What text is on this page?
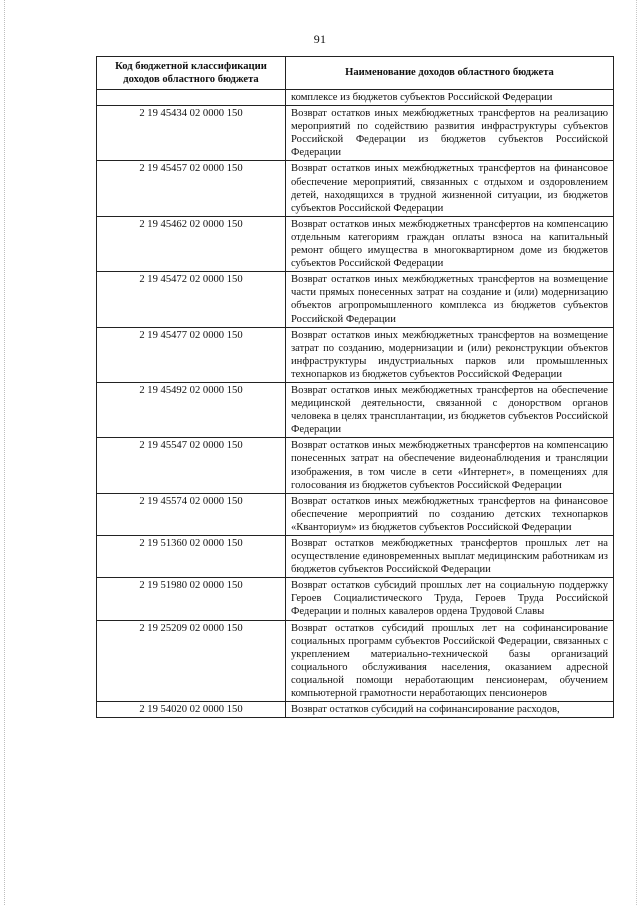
91
Код бюджетной классификации доходов областного бюджета	Наименование доходов областного бюджета
	комплексе из бюджетов субъектов Российской Федерации
2 19 45434 02 0000 150	Возврат остатков иных межбюджетных трансфертов на реализацию мероприятий по содействию развития инфраструктуры субъектов Российской Федерации из бюджетов субъектов Российской Федерации
2 19 45457 02 0000 150	Возврат остатков иных межбюджетных трансфертов на финансовое обеспечение мероприятий, связанных с отдыхом и оздоровлением детей, находящихся в трудной жизненной ситуации, из бюджетов субъектов Российской Федерации
2 19 45462 02 0000 150	Возврат остатков иных межбюджетных трансфертов на компенсацию отдельным категориям граждан оплаты взноса на капитальный ремонт общего имущества в многоквартирном доме из бюджетов субъектов Российской Федерации
2 19 45472 02 0000 150	Возврат остатков иных межбюджетных трансфертов на возмещение части прямых понесенных затрат на создание и (или) модернизацию объектов агропромышленного комплекса из бюджетов субъектов Российской Федерации
2 19 45477 02 0000 150	Возврат остатков иных межбюджетных трансфертов на возмещение затрат по созданию, модернизации и (или) реконструкции объектов инфраструктуры индустриальных парков или промышленных технопарков из бюджетов субъектов Российской Федерации
2 19 45492 02 0000 150	Возврат остатков иных межбюджетных трансфертов на обеспечение медицинской деятельности, связанной с донорством органов человека в целях трансплантации, из бюджетов субъектов Российской Федерации
2 19 45547 02 0000 150	Возврат остатков иных межбюджетных трансфертов на компенсацию понесенных затрат на обеспечение видеонаблюдения и трансляции изображения, в том числе в сети «Интернет», в помещениях для голосования из бюджетов субъектов Российской Федерации
2 19 45574 02 0000 150	Возврат остатков иных межбюджетных трансфертов на финансовое обеспечение мероприятий по созданию детских технопарков «Кванториум» из бюджетов субъектов Российской Федерации
2 19 51360 02 0000 150	Возврат остатков межбюджетных трансфертов прошлых лет на осуществление единовременных выплат медицинским работникам из бюджетов субъектов Российской Федерации
2 19 51980 02 0000 150	Возврат остатков субсидий прошлых лет на социальную поддержку Героев Социалистического Труда, Героев Труда Российской Федерации и полных кавалеров ордена Трудовой Славы
2 19 25209 02 0000 150	Возврат остатков субсидий прошлых лет на софинансирование социальных программ субъектов Российской Федерации, связанных с укреплением материально-технической базы организаций социального обслуживания населения, оказанием адресной социальной помощи неработающим пенсионерам, обучением компьютерной грамотности неработающих пенсионеров
2 19 54020 02 0000 150	Возврат остатков субсидий на софинансирование расходов,
